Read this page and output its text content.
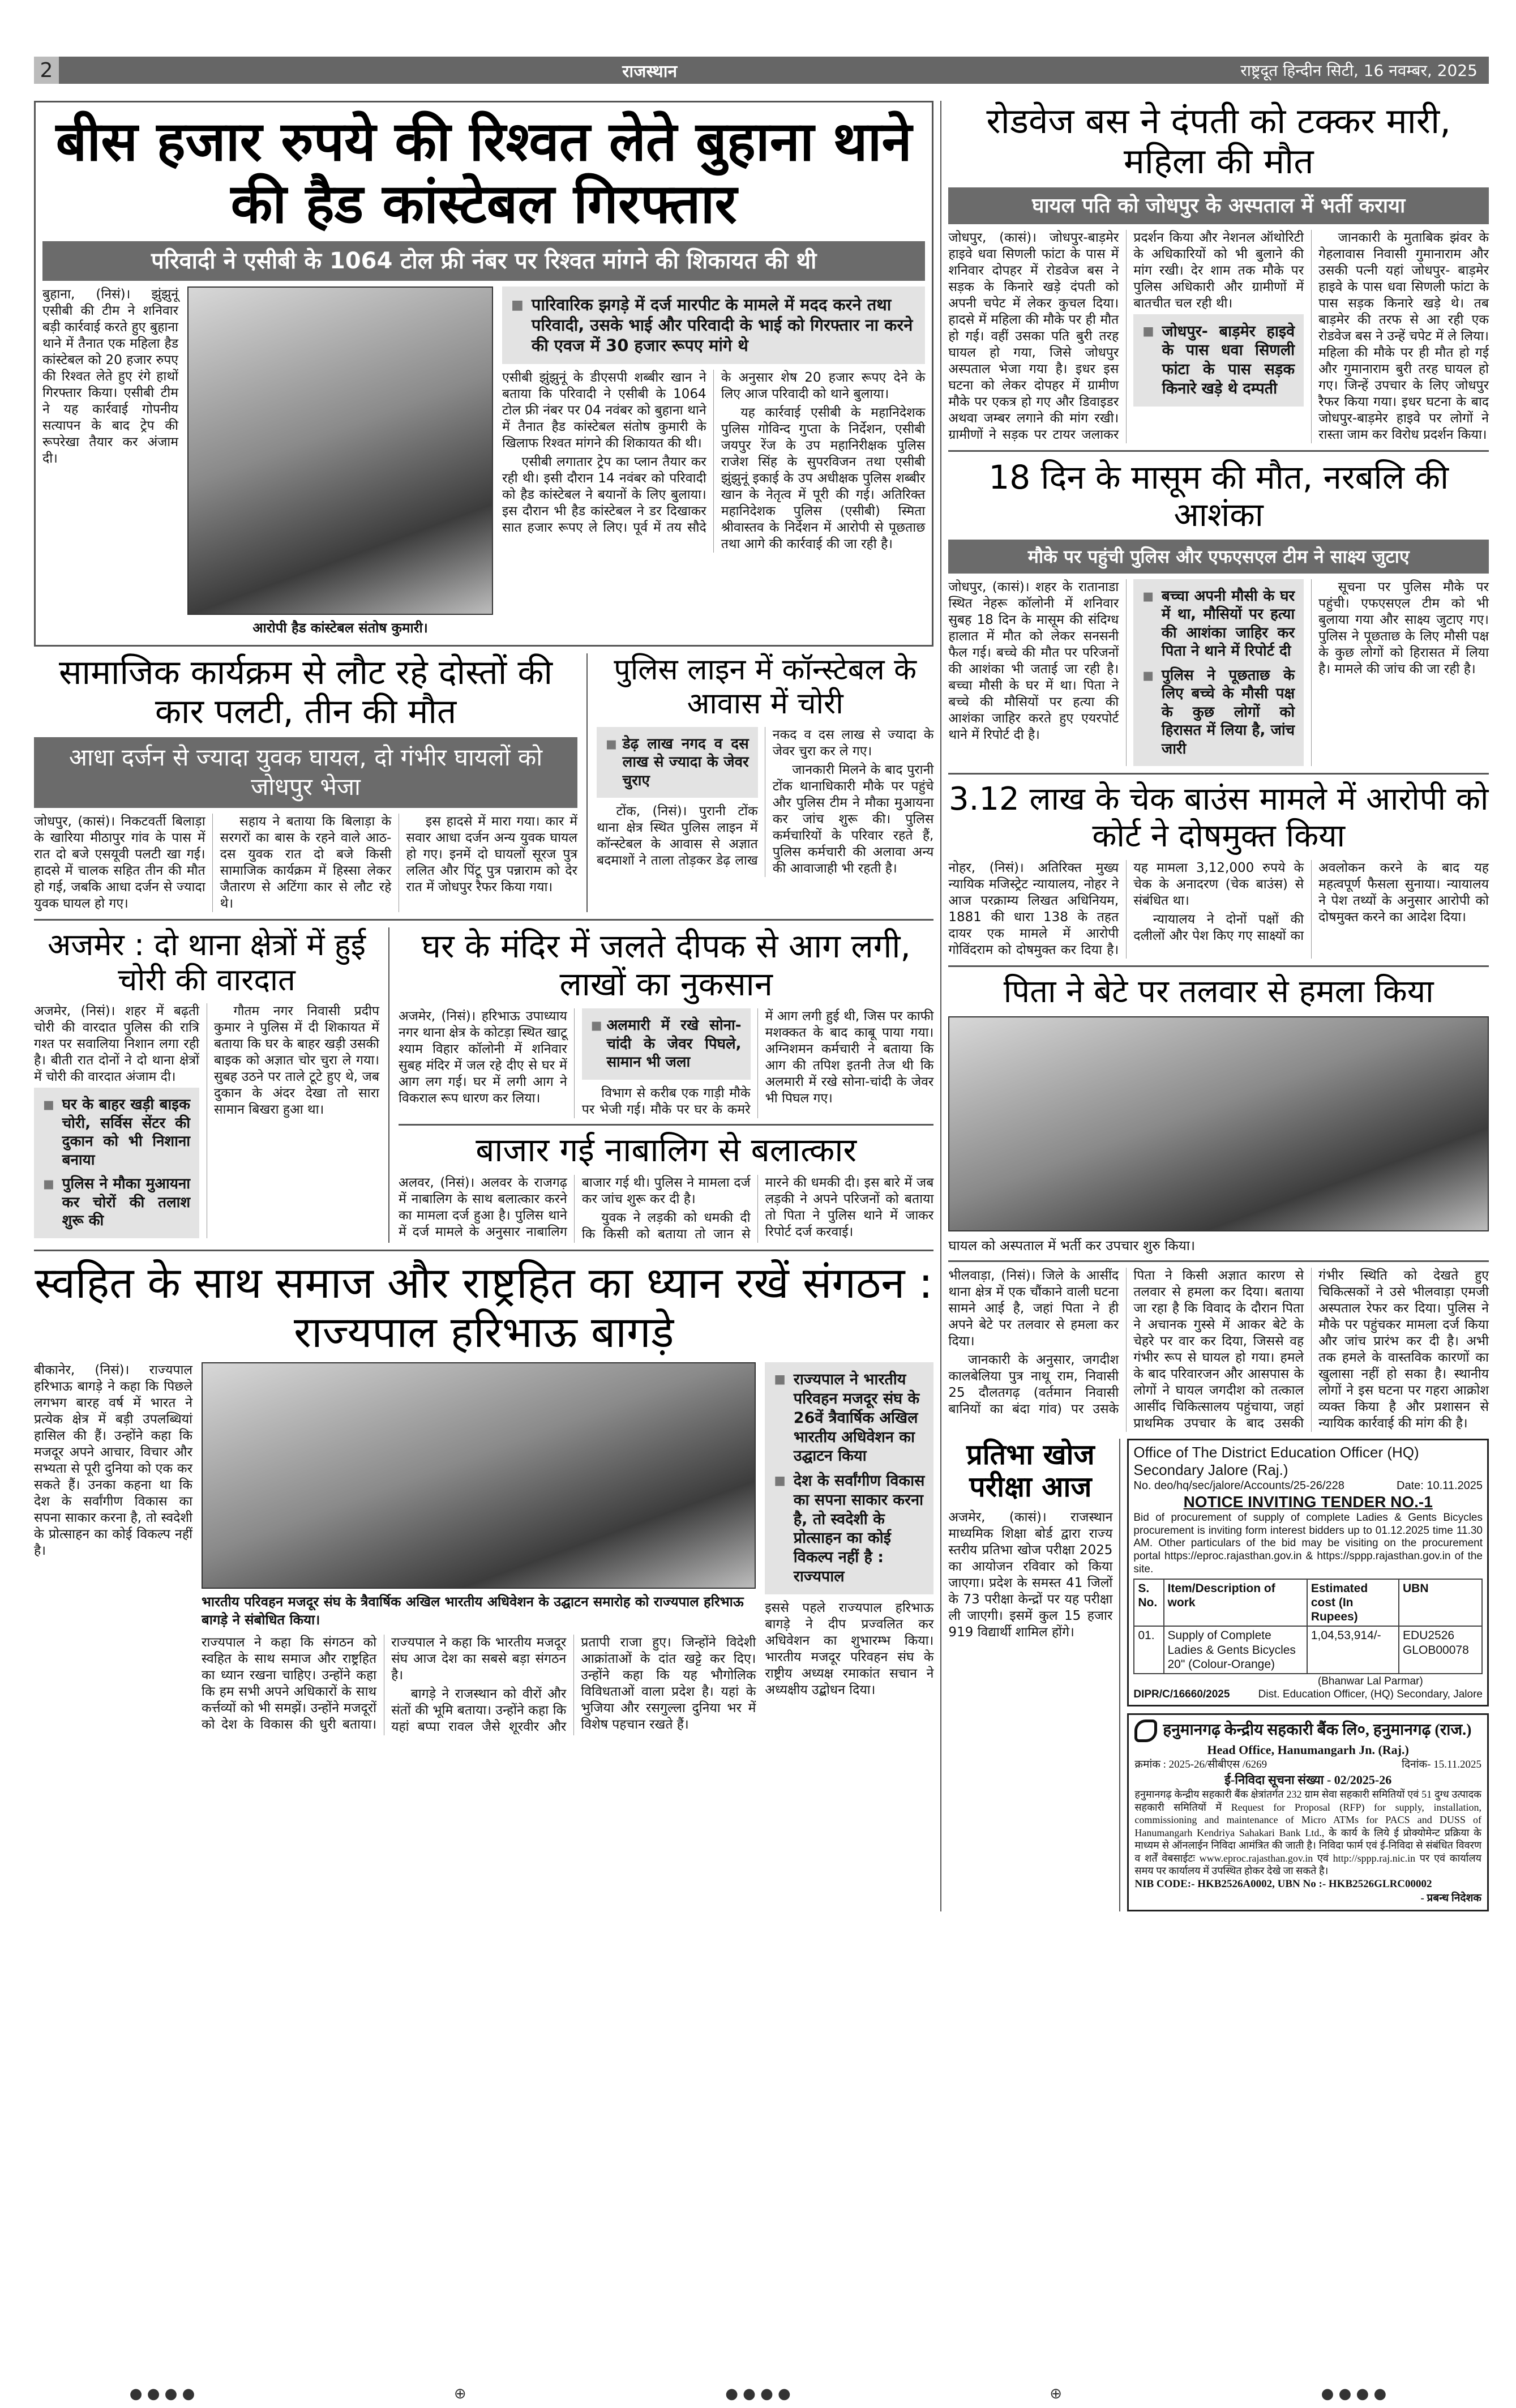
2	राजस्थान	राष्ट्रदूत हिन्दीन सिटी, 16 नवम्बर, 2025
बीस हजार रुपये की रिश्वत लेते बुहाना थाने की हैड कांस्टेबल गिरफ्तार
परिवादी ने एसीबी के 1064 टोल फ्री नंबर पर रिश्वत मांगने की शिकायत की थी

बुहाना, (निसं)। झुंझुनूं एसीबी की टीम ने शनिवार बड़ी कार्रवाई करते हुए बुहाना थाने में तैनात एक महिला हैड कांस्टेबल को 20 हजार रुपए की रिश्वत लेते हुए रंगे हाथों गिरफ्तार किया। एसीबी टीम ने यह कार्रवाई गोपनीय सत्यापन के बाद ट्रेप की रूपरेखा तैयार कर अंजाम दी।

आरोपी हैड कांस्टेबल संतोष कुमारी।
■ पारिवारिक झगड़े में दर्ज मारपीट के मामले में मदद करने तथा परिवादी, उसके भाई और परिवादी के भाई को गिरफ्तार ना करने की एवज में 30 हजार रूपए मांगे थे

एसीबी झुंझुनूं के डीएसपी शब्बीर खान ने बताया कि परिवादी ने एसीबी के 1064 टोल फ्री नंबर पर 04 नवंबर को बुहाना थाने में तैनात हैड कांस्टेबल संतोष कुमारी के खिलाफ रिश्वत मांगने की शिकायत की थी।

एसीबी लगातार ट्रेप का प्लान तैयार कर रही थी। इसी दौरान 14 नवंबर को परिवादी को हैड कांस्टेबल ने बयानों के लिए बुलाया। इस दौरान भी हैड कांस्टेबल ने डर दिखाकर सात हजार रूपए ले लिए। पूर्व में तय सौदे के अनुसार शेष 20 हजार रूपए देने के लिए आज परिवादी को थाने बुलाया।

यह कार्रवाई एसीबी के महानिदेशक पुलिस गोविन्द गुप्ता के निर्देशन, एसीबी जयपुर रेंज के उप महानिरीक्षक पुलिस राजेश सिंह के सुपरविजन तथा एसीबी झुंझुनूं इकाई के उप अधीक्षक पुलिस शब्बीर खान के नेतृत्व में पूरी की गई। अतिरिक्त महानिदेशक पुलिस (एसीबी) स्मिता श्रीवास्तव के निर्देशन में आरोपी से पूछताछ तथा आगे की कार्रवाई की जा रही है।

सामाजिक कार्यक्रम से लौट रहे दोस्तों की कार पलटी, तीन की मौत
आधा दर्जन से ज्यादा युवक घायल, दो गंभीर घायलों को जोधपुर भेजा

जोधपुर, (कासं)। निकटवर्ती बिलाड़ा के खारिया मीठापुर गांव के पास में रात दो बजे एसयूवी पलटी खा गई। हादसे में चालक सहित तीन की मौत हो गई, जबकि आधा दर्जन से ज्यादा युवक घायल हो गए।

सहाय ने बताया कि बिलाड़ा के सरगरों का बास के रहने वाले आठ-दस युवक रात दो बजे किसी सामाजिक कार्यक्रम में हिस्सा लेकर जैतारण से अटिंगा कार से लौट रहे थे।

इस हादसे में मारा गया। कार में सवार आधा दर्जन अन्य युवक घायल हो गए। इनमें दो घायलों सूरज पुत्र ललित और पिंटू पुत्र पन्नाराम को देर रात में जोधपुर रैफर किया गया।

पुलिस लाइन में कॉन्स्टेबल के आवास में चोरी
■ डेढ़ लाख नगद व दस लाख से ज्यादा के जेवर चुराए

टोंक, (निसं)। पुरानी टोंक थाना क्षेत्र स्थित पुलिस लाइन में कॉन्स्टेबल के आवास से अज्ञात बदमाशों ने ताला तोड़कर डेढ़ लाख नकद व दस लाख से ज्यादा के जेवर चुरा कर ले गए।

जानकारी मिलने के बाद पुरानी टोंक थानाधिकारी मौके पर पहुंचे और पुलिस टीम ने मौका मुआयना कर जांच शुरू की। पुलिस कर्मचारियों के परिवार रहते हैं, पुलिस कर्मचारी की अलावा अन्य की आवाजाही भी रहती है।

अजमेर : दो थाना क्षेत्रों में हुई चोरी की वारदात

अजमेर, (निसं)। शहर में बढ़ती चोरी की वारदात पुलिस की रात्रि गश्त पर सवालिया निशान लगा रही है। बीती रात दोनों ने दो थाना क्षेत्रों में चोरी की वारदात अंजाम दी।

■ घर के बाहर खड़ी बाइक चोरी, सर्विस सेंटर की दुकान को भी निशाना बनाया
■ पुलिस ने मौका मुआयना कर चोरों की तलाश शुरू की

गौतम नगर निवासी प्रदीप कुमार ने पुलिस में दी शिकायत में बताया कि घर के बाहर खड़ी उसकी बाइक को अज्ञात चोर चुरा ले गया। सुबह उठने पर ताले टूटे हुए थे, जब दुकान के अंदर देखा तो सारा सामान बिखरा हुआ था।

घर के मंदिर में जलते दीपक से आग लगी, लाखों का नुकसान

अजमेर, (निसं)। हरिभाऊ उपाध्याय नगर थाना क्षेत्र के कोटड़ा स्थित खाटू श्याम विहार कॉलोनी में शनिवार सुबह मंदिर में जल रहे दीए से घर में आग लग गई। घर में लगी आग ने विकराल रूप धारण कर लिया।

■ अलमारी में रखे सोना-चांदी के जेवर पिघले, सामान भी जला

विभाग से करीब एक गाड़ी मौके पर भेजी गई। मौके पर घर के कमरे में आग लगी हुई थी, जिस पर काफी मशक्कत के बाद काबू पाया गया। अग्निशमन कर्मचारी ने बताया कि आग की तपिश इतनी तेज थी कि अलमारी में रखे सोना-चांदी के जेवर भी पिघल गए।

बाजार गई नाबालिग से बलात्कार

अलवर, (निसं)। अलवर के राजगढ़ में नाबालिग के साथ बलात्कार करने का मामला दर्ज हुआ है। पुलिस थाने में दर्ज मामले के अनुसार नाबालिग बाजार गई थी। पुलिस ने मामला दर्ज कर जांच शुरू कर दी है।

युवक ने लड़की को धमकी दी कि किसी को बताया तो जान से मारने की धमकी दी। इस बारे में जब लड़की ने अपने परिजनों को बताया तो पिता ने पुलिस थाने में जाकर रिपोर्ट दर्ज करवाई।

स्वहित के साथ समाज और राष्ट्रहित का ध्यान रखें संगठन : राज्यपाल हरिभाऊ बागड़े

बीकानेर, (निसं)। राज्यपाल हरिभाऊ बागड़े ने कहा कि पिछले लगभग बारह वर्ष में भारत ने प्रत्येक क्षेत्र में बड़ी उपलब्धियां हासिल की हैं। उन्होंने कहा कि मजदूर अपने आचार, विचार और सभ्यता से पूरी दुनिया को एक कर सकते हैं। उनका कहना था कि देश के सर्वांगीण विकास का सपना साकार करना है, तो स्वदेशी के प्रोत्साहन का कोई विकल्प नहीं है।

भारतीय परिवहन मजदूर संघ के त्रैवार्षिक अखिल भारतीय अधिवेशन के उद्घाटन समारोह को राज्यपाल हरिभाऊ बागड़े ने संबोधित किया।

राज्यपाल ने कहा कि संगठन को स्वहित के साथ समाज और राष्ट्रहित का ध्यान रखना चाहिए। उन्होंने कहा कि हम सभी अपने अधिकारों के साथ कर्त्तव्यों को भी समझें। उन्होंने मजदूरों को देश के विकास की धुरी बताया। राज्यपाल ने कहा कि भारतीय मजदूर संघ आज देश का सबसे बड़ा संगठन है।

बागड़े ने राजस्थान को वीरों और संतों की भूमि बताया। उन्होंने कहा कि यहां बप्पा रावल जैसे शूरवीर और प्रतापी राजा हुए। जिन्होंने विदेशी आक्रांताओं के दांत खट्टे कर दिए। उन्होंने कहा कि यह भौगोलिक विविधताओं वाला प्रदेश है। यहां के भुजिया और रसगुल्ला दुनिया भर में विशेष पहचान रखते हैं।

■ राज्यपाल ने भारतीय परिवहन मजदूर संघ के 26वें त्रैवार्षिक अखिल भारतीय अधिवेशन का उद्घाटन किया
■ देश के सर्वांगीण विकास का सपना साकार करना है, तो स्वदेशी के प्रोत्साहन का कोई विकल्प नहीं है : राज्यपाल

इससे पहले राज्यपाल हरिभाऊ बागड़े ने दीप प्रज्वलित कर अधिवेशन का शुभारम्भ किया। भारतीय मजदूर परिवहन संघ के राष्ट्रीय अध्यक्ष रमाकांत सचान ने अध्यक्षीय उद्बोधन दिया।

रोडवेज बस ने दंपती को टक्कर मारी, महिला की मौत
घायल पति को जोधपुर के अस्पताल में भर्ती कराया

जोधपुर, (कासं)। जोधपुर-बाड़मेर हाइवे धवा सिणली फांटा के पास में शनिवार दोपहर में रोडवेज बस ने सड़क के किनारे खड़े दंपती को अपनी चपेट में लेकर कुचल दिया। हादसे में महिला की मौके पर ही मौत हो गई। वहीं उसका पति बुरी तरह घायल हो गया, जिसे जोधपुर अस्पताल भेजा गया है। इधर इस घटना को लेकर दोपहर में ग्रामीण मौके पर एकत्र हो गए और डिवाइडर अथवा जम्बर लगाने की मांग रखी। ग्रामीणों ने सड़क पर टायर जलाकर प्रदर्शन किया और नेशनल ऑथोरिटी के अधिकारियों को भी बुलाने की मांग रखी। देर शाम तक मौके पर पुलिस अधिकारी और ग्रामीणों में बातचीत चल रही थी।

■ जोधपुर- बाड़मेर हाइवे के पास धवा सिणली फांटा के पास सड़क किनारे खड़े थे दम्पती

जानकारी के मुताबिक झंवर के गेहलावास निवासी गुमानाराम और उसकी पत्नी यहां जोधपुर- बाड़मेर हाइवे के पास धवा सिणली फांटा के पास सड़क किनारे खड़े थे। तब बाड़मेर की तरफ से आ रही एक रोडवेज बस ने उन्हें चपेट में ले लिया। महिला की मौके पर ही मौत हो गई और गुमानाराम बुरी तरह घायल हो गए। जिन्हें उपचार के लिए जोधपुर रैफर किया गया। इधर घटना के बाद जोधपुर-बाड़मेर हाइवे पर लोगों ने रास्ता जाम कर विरोध प्रदर्शन किया।

18 दिन के मासूम की मौत, नरबलि की आशंका
मौके पर पहुंची पुलिस और एफएसएल टीम ने साक्ष्य जुटाए

जोधपुर, (कासं)। शहर के रातानाडा स्थित नेहरू कॉलोनी में शनिवार सुबह 18 दिन के मासूम की संदिग्ध हालात में मौत को लेकर सनसनी फैल गई। बच्चे की मौत पर परिजनों की आशंका भी जताई जा रही है। बच्चा मौसी के घर में था। पिता ने बच्चे की मौसियों पर हत्या की आशंका जाहिर करते हुए एयरपोर्ट थाने में रिपोर्ट दी है।

■ बच्चा अपनी मौसी के घर में था, मौसियों पर हत्या की आशंका जाहिर कर पिता ने थाने में रिपोर्ट दी
■ पुलिस ने पूछताछ के लिए बच्चे के मौसी पक्ष के कुछ लोगों को हिरासत में लिया है, जांच जारी

सूचना पर पुलिस मौके पर पहुंची। एफएसएल टीम को भी बुलाया गया और साक्ष्य जुटाए गए। पुलिस ने पूछताछ के लिए मौसी पक्ष के कुछ लोगों को हिरासत में लिया है। मामले की जांच की जा रही है।

3.12 लाख के चेक बाउंस मामले में आरोपी को कोर्ट ने दोषमुक्त किया

नोहर, (निसं)। अतिरिक्त मुख्य न्यायिक मजिस्ट्रेट न्यायालय, नोहर ने आज परक्राम्य लिखत अधिनियम, 1881 की धारा 138 के तहत दायर एक मामले में आरोपी गोविंदराम को दोषमुक्त कर दिया है। यह मामला 3,12,000 रुपये के चेक के अनादरण (चेक बाउंस) से संबंधित था।

न्यायालय ने दोनों पक्षों की दलीलों और पेश किए गए साक्ष्यों का अवलोकन करने के बाद यह महत्वपूर्ण फैसला सुनाया। न्यायालय ने पेश तथ्यों के अनुसार आरोपी को दोषमुक्त करने का आदेश दिया।

पिता ने बेटे पर तलवार से हमला किया
घायल को अस्पताल में भर्ती कर उपचार शुरु किया।

भीलवाड़ा, (निसं)। जिले के आसींद थाना क्षेत्र में एक चौंकाने वाली घटना सामने आई है, जहां पिता ने ही अपने बेटे पर तलवार से हमला कर दिया।

जानकारी के अनुसार, जगदीश कालबेलिया पुत्र नाथू राम, निवासी 25 दौलतगढ़ (वर्तमान निवासी बानियों का बंदा गांव) पर उसके पिता ने किसी अज्ञात कारण से तलवार से हमला कर दिया। बताया जा रहा है कि विवाद के दौरान पिता ने अचानक गुस्से में आकर बेटे के चेहरे पर वार कर दिया, जिससे वह गंभीर रूप से घायल हो गया। हमले के बाद परिवारजन और आसपास के लोगों ने घायल जगदीश को तत्काल आसींद चिकित्सालय पहुंचाया, जहां प्राथमिक उपचार के बाद उसकी गंभीर स्थिति को देखते हुए चिकित्सकों ने उसे भीलवाड़ा एमजी अस्पताल रेफर कर दिया। पुलिस ने मौके पर पहुंचकर मामला दर्ज किया और जांच प्रारंभ कर दी है। अभी तक हमले के वास्तविक कारणों का खुलासा नहीं हो सका है। स्थानीय लोगों ने इस घटना पर गहरा आक्रोश व्यक्त किया है और प्रशासन से न्यायिक कार्रवाई की मांग की है।

प्रतिभा खोज परीक्षा आज

अजमेर, (कासं)। राजस्थान माध्यमिक शिक्षा बोर्ड द्वारा राज्य स्तरीय प्रतिभा खोज परीक्षा 2025 का आयोजन रविवार को किया जाएगा। प्रदेश के समस्त 41 जिलों के 73 परीक्षा केन्द्रों पर यह परीक्षा ली जाएगी। इसमें कुल 15 हजार 919 विद्यार्थी शामिल होंगे।

Office of The District Education Officer (HQ) Secondary Jalore (Raj.)
No. deo/hq/sec/jalore/Accounts/25-26/228	Date: 10.11.2025
NOTICE INVITING TENDER NO.-1
Bid of procurement of supply of complete Ladies & Gents Bicycles procurement is inviting form interest bidders up to 01.12.2025 time 11.30 AM. Other particulars of the bid may be visiting on the procurement portal https://eproc.rajasthan.gov.in & https://sppp.rajasthan.gov.in of the site.
S. No.	Item/Description of work	Estimated cost (In Rupees)	UBN
01.	Supply of Complete Ladies & Gents Bicycles 20" (Colour-Orange)	1,04,53,914/-	EDU2526 GLOB00078
DIPR/C/16660/2025
(Bhanwar Lal Parmar)
Dist. Education Officer, (HQ) Secondary, Jalore
हनुमानगढ़ केन्द्रीय सहकारी बैंक लि०, हनुमानगढ़ (राज.)
Head Office, Hanumangarh Jn. (Raj.)
क्रमांक : 2025-26/सीबीएस /6269	दिनांक- 15.11.2025
ई-निविदा सूचना संख्या - 02/2025-26
हनुमानगढ़ केन्द्रीय सहकारी बैंक क्षेत्रांतर्गत 232 ग्राम सेवा सहकारी समितियों एवं 51 दुग्ध उत्पादक सहकारी समितियों में Request for Proposal (RFP) for supply, installation, commissioning and maintenance of Micro ATMs for PACS and DUSS of Hanumangarh Kendriya Sahakari Bank Ltd., के कार्य के लिये ई प्रोक्योमेन्ट प्रक्रिया के माध्यम से ऑनलाईन निविदा आमंत्रित की जाती है। निविदा फार्म एवं ई-निविदा से संबंधित विवरण व शर्तें वेबसाईटः www.eproc.rajasthan.gov.in एवं http://sppp.raj.nic.in पर एवं कार्यालय समय पर कार्यालय में उपस्थित होकर देखे जा सकते है।
NIB CODE:- HKB2526A0002, UBN No :- HKB2526GLRC00002
- प्रबन्ध निदेशक
● ● ● ●	⊕	● ● ● ●	⊕	● ● ● ●
